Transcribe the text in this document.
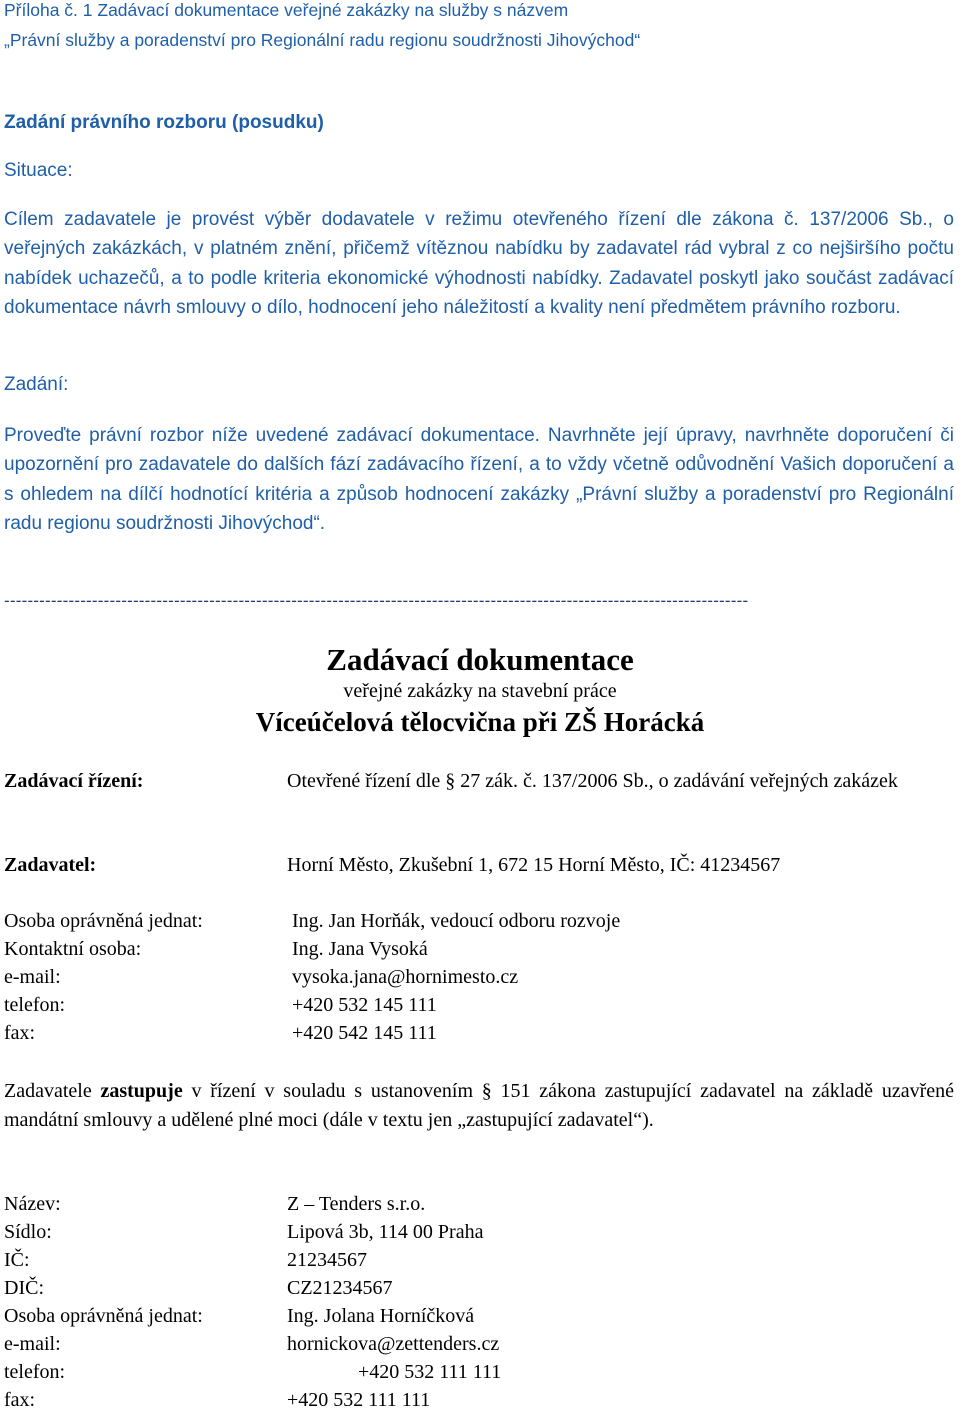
Příloha č. 1 Zadávací dokumentace veřejné zakázky na služby s názvem
„Právní služby a poradenství pro Regionální radu regionu soudržnosti Jihovýchod“
Zadání právního rozboru (posudku)
Situace:
Cílem zadavatele je provést výběr dodavatele v režimu otevřeného řízení dle zákona č. 137/2006 Sb., o veřejných zakázkách, v platném znění, přičemž vítěznou nabídku by zadavatel rád vybral z co nejširšího počtu nabídek uchazečů, a to podle kriteria ekonomické výhodnosti nabídky. Zadavatel poskytl jako součást zadávací dokumentace návrh smlouvy o dílo, hodnocení jeho náležitostí a kvality není předmětem právního rozboru.
Zadání:
Proveďte právní rozbor níže uvedené zadávací dokumentace. Navrhněte její úpravy, navrhněte doporučení či upozornění pro zadavatele do dalších fází zadávacího řízení, a to vždy včetně odůvodnění Vašich doporučení a s ohledem na dílčí hodnotící kritéria a způsob hodnocení zakázky „Právní služby a poradenství pro Regionální radu regionu soudržnosti Jihovýchod“.
-------------------------------------------------------------------------------------------------------------------------------
Zadávací dokumentace
veřejné zakázky na stavební práce
Víceúčelová tělocvična při ZŠ Horácká
Zadávací řízení:	Otevřené řízení dle § 27 zák. č. 137/2006 Sb., o zadávání veřejných zakázek
Zadavatel:	Horní Město, Zkušební 1, 672 15 Horní Město, IČ: 41234567
Osoba oprávněná jednat:	Ing. Jan Horňák, vedoucí odboru rozvoje
Kontaktní osoba:	Ing. Jana Vysoká
e-mail:	vysoka.jana@hornimesto.cz
telefon:	+420 532 145 111
fax:	+420 542 145 111
Zadavatele zastupuje v řízení v souladu s ustanovením § 151 zákona zastupující zadavatel na základě uzavřené mandátní smlouvy a udělené plné moci (dále v textu jen „zastupující zadavatel“).
Název:	Z – Tenders s.r.o.
Sídlo:	Lipová 3b, 114 00 Praha
IČ:	21234567
DIČ:	CZ21234567
Osoba oprávněná jednat:	Ing. Jolana Horníčková
e-mail:	hornickova@zettenders.cz
telefon:	+420 532 111 111
fax:	+420 532 111 111
